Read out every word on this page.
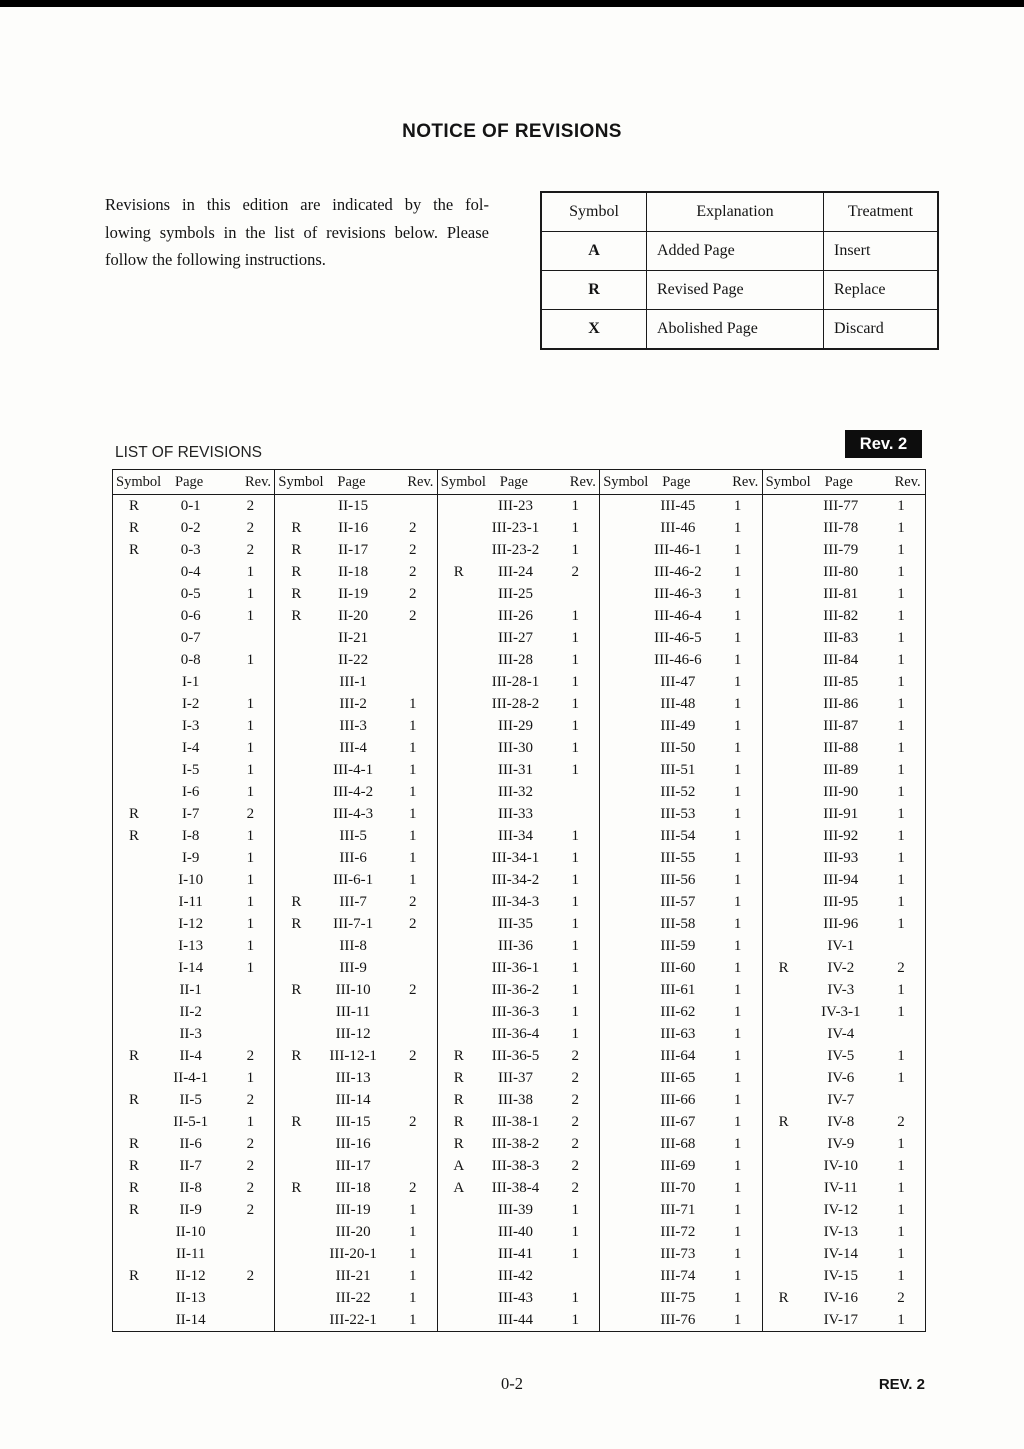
NOTICE OF REVISIONS
Revisions in this edition are indicated by the fol-
lowing symbols in the list of revisions below. Please
follow the following instructions.
Symbol	Explanation	Treatment
A	Added Page	Insert
R	Revised Page	Replace
X	Abolished Page	Discard
LIST OF REVISIONS	Rev. 2
Symbol Page	Rev.
R	0-1	2
R	0-2	2
R	0-3	2
0-4	1
0-5	1
0-6	1
0-7
0-8	1
I-1
I-2	1
I-3	1
I-4	1
I-5	1
I-6	1
R	I-7	2
R	I-8	1
I-9	1
I-10	1
I-11	1
I-12	1
I-13	1
I-14	1
II-1
II-2
II-3
R	II-4	2
II-4-1	1
R	II-5	2
II-5-1	1
R	II-6	2
R	II-7	2
R	II-8	2
R	II-9	2
II-10
II-11
R	II-12	2
II-13
II-14
Symbol Page	Rev.
II-15
R	II-16	2
R	II-17	2
R	II-18	2
R	II-19	2
R	II-20	2
II-21
II-22
III-1
III-2	1
III-3	1
III-4	1
III-4-1	1
III-4-2	1
III-4-3	1
III-5	1
III-6	1
III-6-1	1
R	III-7	2
R	III-7-1	2
III-8
III-9
R	III-10	2
III-11
III-12
R	III-12-1	2
III-13
III-14
R	III-15	2
III-16
III-17
R	III-18	2
III-19	1
III-20	1
III-20-1	1
III-21	1
III-22	1
III-22-1	1
Symbol Page	Rev.
III-23	1
III-23-1	1
III-23-2	1
R	III-24	2
III-25
III-26	1
III-27	1
III-28	1
III-28-1	1
III-28-2	1
III-29	1
III-30	1
III-31	1
III-32
III-33
III-34	1
III-34-1	1
III-34-2	1
III-34-3	1
III-35	1
III-36	1
III-36-1	1
III-36-2	1
III-36-3	1
III-36-4	1
R	III-36-5	2
R	III-37	2
R	III-38	2
R	III-38-1	2
R	III-38-2	2
A	III-38-3	2
A	III-38-4	2
III-39	1
III-40	1
III-41	1
III-42
III-43	1
III-44	1
Symbol Page	Rev.
III-45	1
III-46	1
III-46-1	1
III-46-2	1
III-46-3	1
III-46-4	1
III-46-5	1
III-46-6	1
III-47	1
III-48	1
III-49	1
III-50	1
III-51	1
III-52	1
III-53	1
III-54	1
III-55	1
III-56	1
III-57	1
III-58	1
III-59	1
III-60	1
III-61	1
III-62	1
III-63	1
III-64	1
III-65	1
III-66	1
III-67	1
III-68	1
III-69	1
III-70	1
III-71	1
III-72	1
III-73	1
III-74	1
III-75	1
III-76	1
Symbol Page	Rev.
III-77	1
III-78	1
III-79	1
III-80	1
III-81	1
III-82	1
III-83	1
III-84	1
III-85	1
III-86	1
III-87	1
III-88	1
III-89	1
III-90	1
III-91	1
III-92	1
III-93	1
III-94	1
III-95	1
III-96	1
IV-1
R	IV-2	2
IV-3	1
IV-3-1	1
IV-4
IV-5	1
IV-6	1
IV-7
R	IV-8	2
IV-9	1
IV-10	1
IV-11	1
IV-12	1
IV-13	1
IV-14	1
IV-15	1
R	IV-16	2
IV-17	1
0-2	REV. 2
